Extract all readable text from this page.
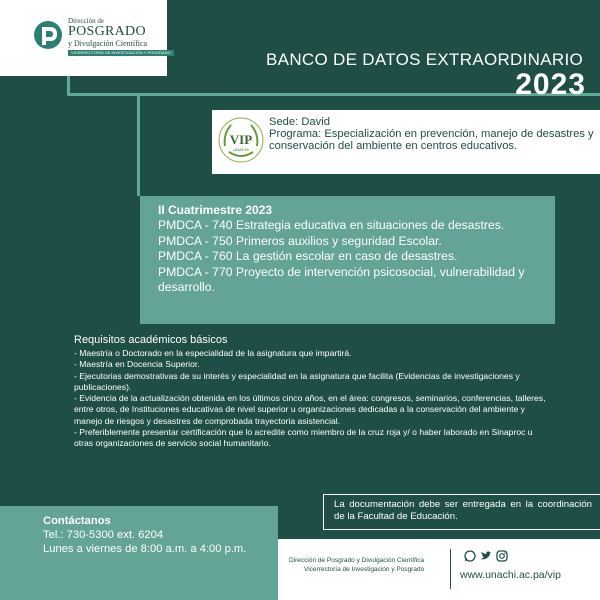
Dirección de
POSGRADO
y Divulgación Científica
VICERRECTORÍA DE INVESTIGACIÓN Y POSGRADO	BANCO DE DATOS EXTRAORDINARIO
2023
VIP
UNACHI
Sede: David
Programa: Especialización en prevención, manejo de desastres y conservación del ambiente en centros educativos.
II Cuatrimestre 2023
PMDCA - 740 Estrategia educativa en situaciones de desastres.
PMDCA - 750 Primeros auxilios y seguridad Escolar.
PMDCA - 760 La gestión escolar en caso de desastres.
PMDCA - 770 Proyecto de intervención psicosocial, vulnerabilidad y desarrollo.
Requisitos académicos básicos
- Maestría o Doctorado en la especialidad de la asignatura que impartirá.
- Maestría en Docencia Superior.
- Ejecutorias demostrativas de su interés y especialidad en la asignatura que facilita (Evidencias de investigaciones y publicaciones).
- Evidencia de la actualización obtenida en los últimos cinco años, en el área: congresos, seminarios, conferencias, talleres, entre otros, de Instituciones educativas de nivel superior u organizaciones dedicadas a la conservación del ambiente y manejo de riesgos y desastres de comprobada trayectoria asistencial.
- Preferiblemente presentar certificación que lo acredite como miembro de la cruz roja y/ o haber laborado en Sinaproc u otras organizaciones de servicio social humanitario.
La documentación debe ser entregada en la coordinación de la Facultad de Educación.
Contáctanos
Tel.: 730-5300 ext. 6204
Lunes a viernes de 8:00 a.m. a 4:00 p.m.
Dirección de Posgrado y Divulgación Científica
Vicerrectoría de Investigación y Posgrado	www.unachi.ac.pa/vip
